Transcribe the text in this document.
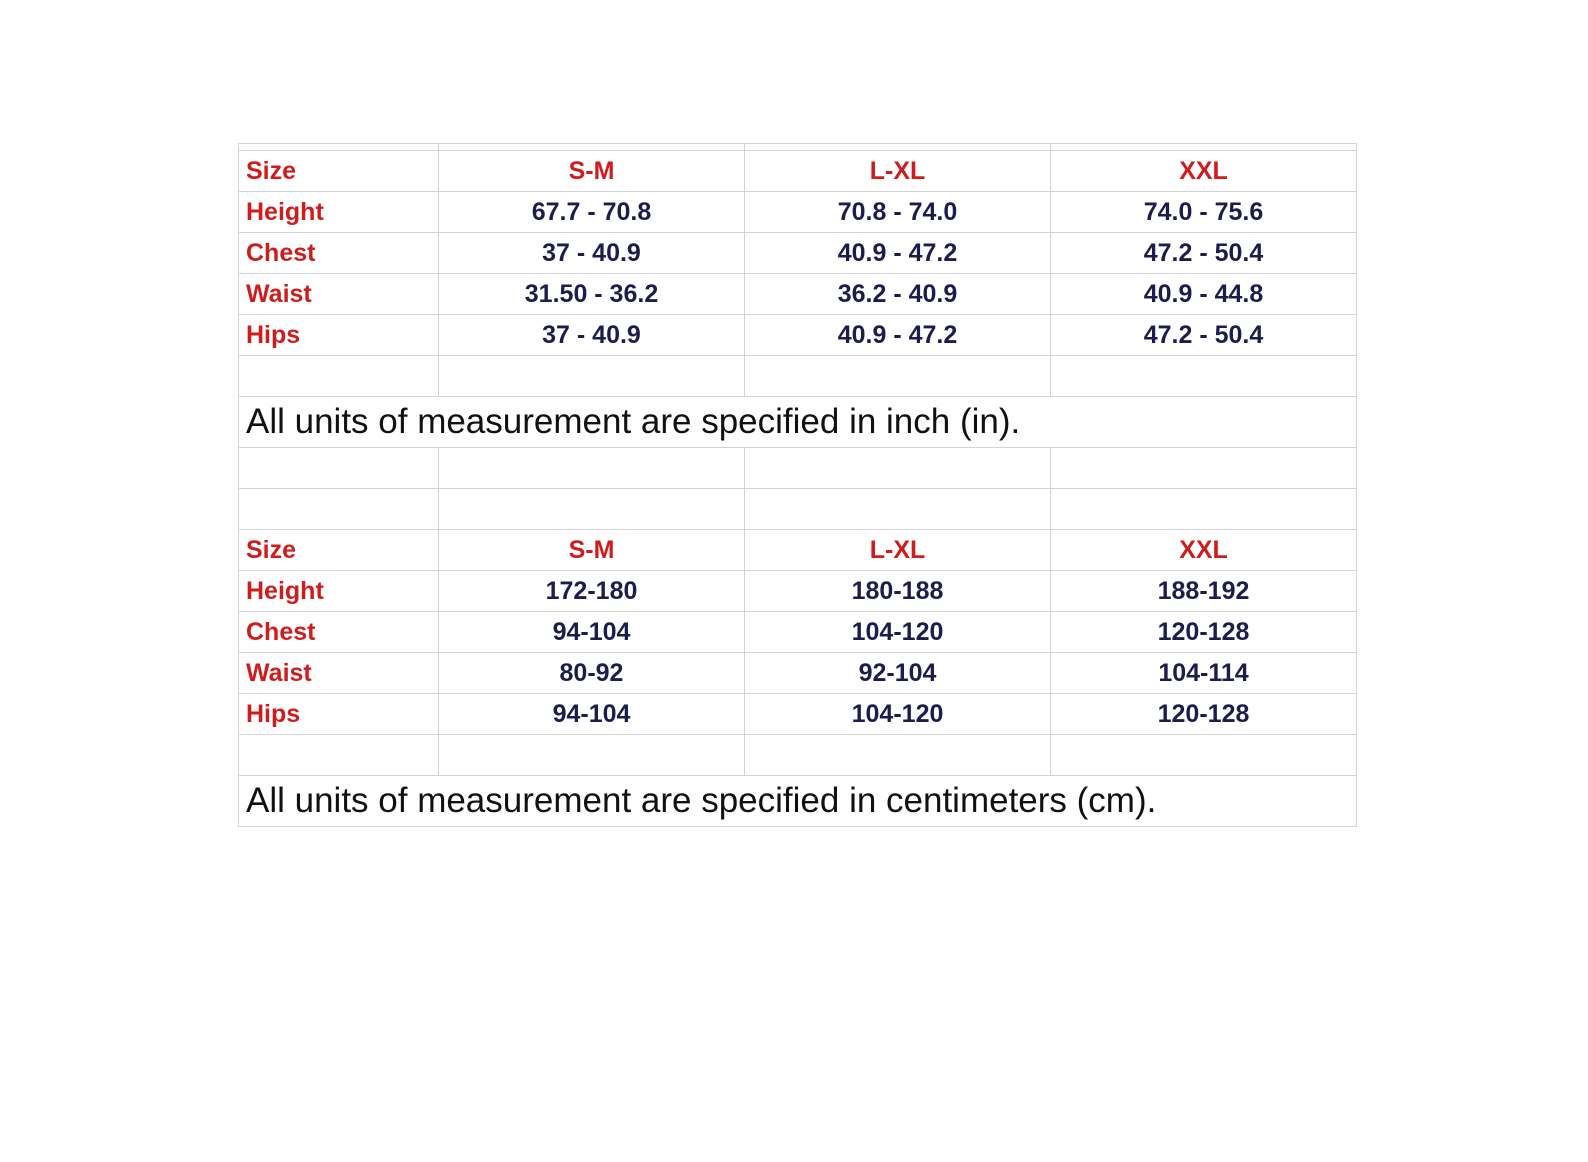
Size	S-M	L-XL	XXL
Height	67.7 - 70.8	70.8 - 74.0	74.0 - 75.6
Chest	37 - 40.9	40.9 - 47.2	47.2 - 50.4
Waist	31.50 - 36.2	36.2 - 40.9	40.9 - 44.8
Hips	37 - 40.9	40.9 - 47.2	47.2 - 50.4

All units of measurement are specified in inch (in).			

Size	S-M	L-XL	XXL
Height	172-180	180-188	188-192
Chest	94-104	104-120	120-128
Waist	80-92	92-104	104-114
Hips	94-104	104-120	120-128

All units of measurement are specified in centimeters (cm).			
